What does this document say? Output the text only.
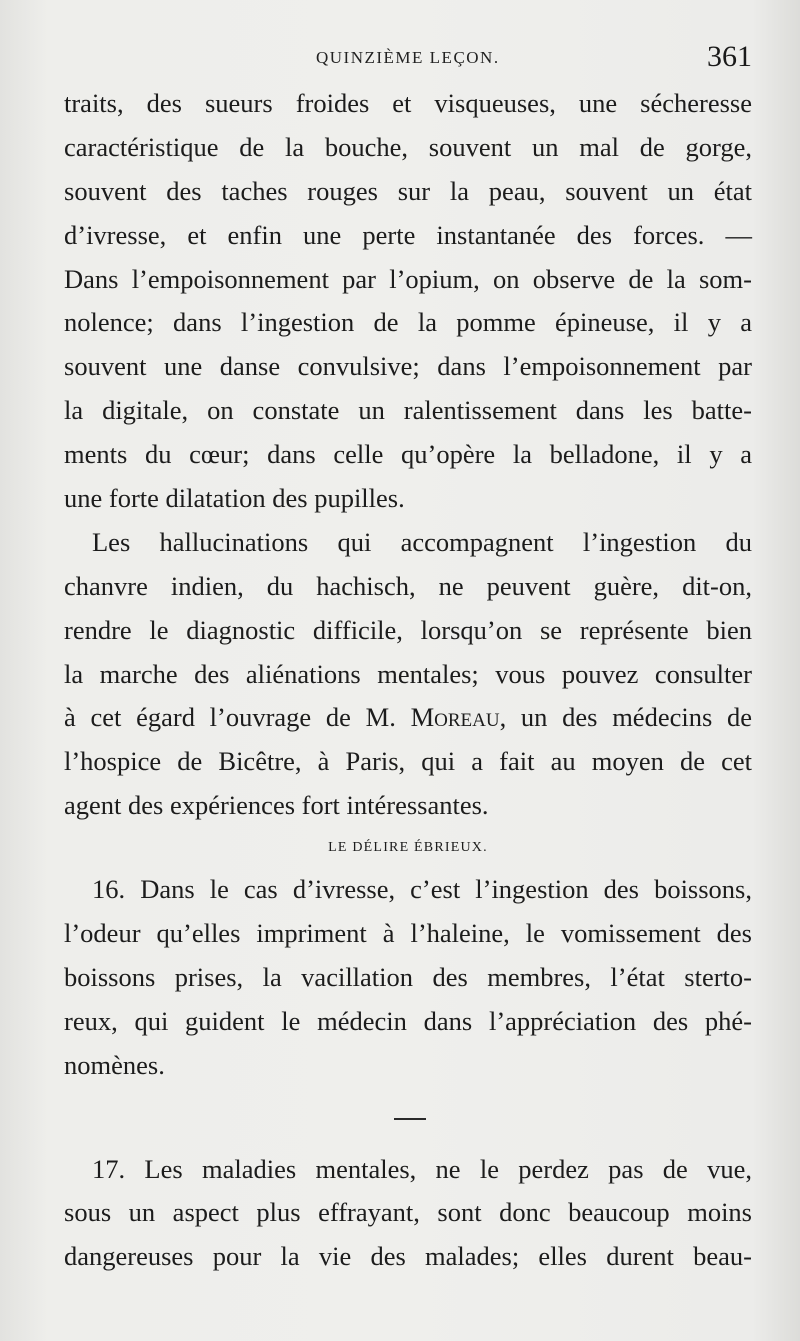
QUINZIÈME LEÇON.	361
traits, des sueurs froides et visqueuses, une sécheresse
caractéristique de la bouche, souvent un mal de gorge,
souvent des taches rouges sur la peau, souvent un état
d’ivresse, et enfin une perte instantanée des forces. —
Dans l’empoisonnement par l’opium, on observe de la som-
nolence; dans l’ingestion de la pomme épineuse, il y a
souvent une danse convulsive; dans l’empoisonnement par
la digitale, on constate un ralentissement dans les batte-
ments du cœur; dans celle qu’opère la belladone, il y a
une forte dilatation des pupilles.
Les hallucinations qui accompagnent l’ingestion du
chanvre indien, du hachisch, ne peuvent guère, dit-on,
rendre le diagnostic difficile, lorsqu’on se représente bien
la marche des aliénations mentales; vous pouvez consulter
à cet égard l’ouvrage de M. Moreau, un des médecins de
l’hospice de Bicêtre, à Paris, qui a fait au moyen de cet
agent des expériences fort intéressantes.
LE DÉLIRE ÉBRIEUX.
16. Dans le cas d’ivresse, c’est l’ingestion des boissons,
l’odeur qu’elles impriment à l’haleine, le vomissement des
boissons prises, la vacillation des membres, l’état sterto-
reux, qui guident le médecin dans l’appréciation des phé-
nomènes.
17. Les maladies mentales, ne le perdez pas de vue,
sous un aspect plus effrayant, sont donc beaucoup moins
dangereuses pour la vie des malades; elles durent beau-
